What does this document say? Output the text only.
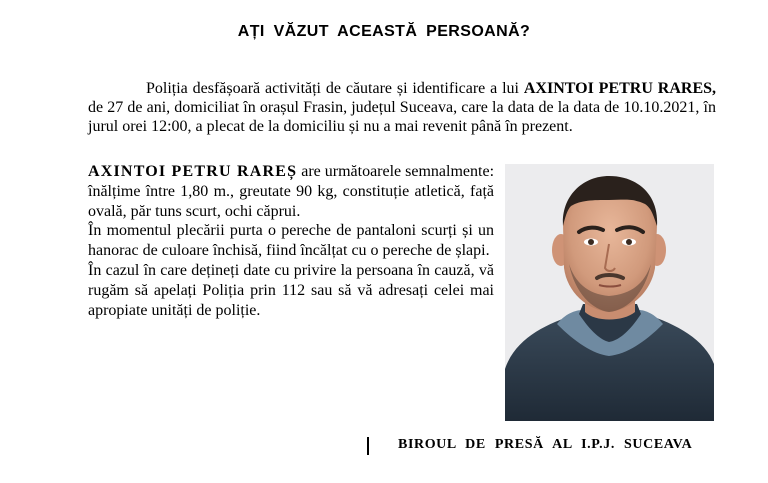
AȚI VĂZUT ACEASTĂ PERSOANĂ?

Poliția desfășoară activități de căutare și identificare a lui AXINTOI PETRU RARES, de 27 de ani, domiciliat în orașul Frasin, județul Suceava, care la data de la data de 10.10.2021, în jurul orei 12:00, a plecat de la domiciliu și nu a mai revenit până în prezent.

AXINTOI PETRU RAREȘ are următoarele semnalmente: înălțime între 1,80 m., greutate 90 kg, constituție atletică, față ovală, păr tuns scurt, ochi căprui.

În momentul plecării purta o pereche de pantaloni scurți și un hanorac de culoare închisă, fiind încălțat cu o pereche de șlapi.

În cazul în care dețineți date cu privire la persoana în cauză, vă rugăm să apelați Poliția prin 112 sau să vă adresați celei mai apropiate unități de poliție.

BIROUL DE PRESĂ AL I.P.J. SUCEAVA
